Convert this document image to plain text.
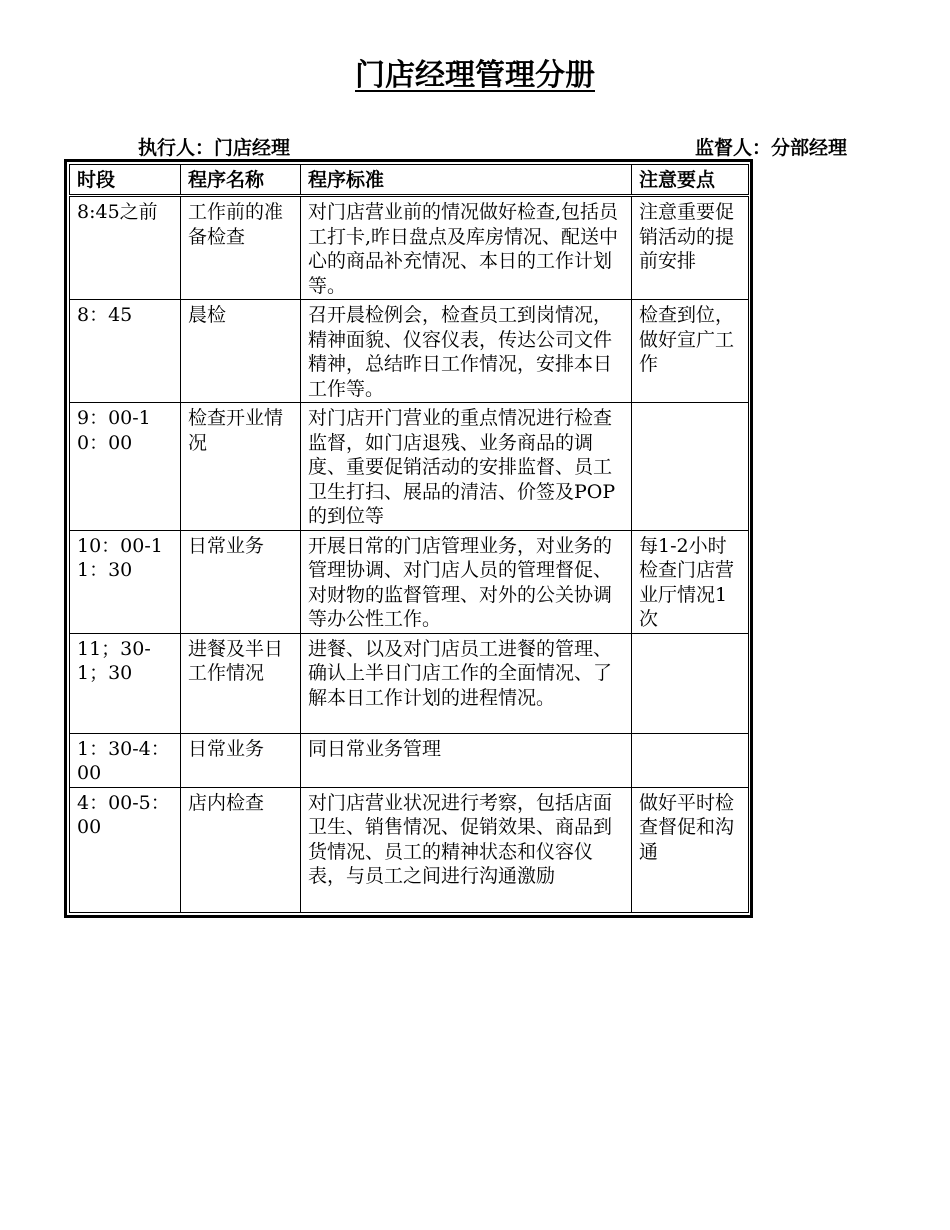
门店经理管理分册
执行人：门店经理	监督人：分部经理
时段	程序名称	程序标准	注意要点
8:45之前	工作前的准备检查	对门店营业前的情况做好检查,包括员工打卡,昨日盘点及库房情况、配送中心的商品补充情况、本日的工作计划等。	注意重要促销活动的提前安排
8：45	晨检	召开晨检例会，检查员工到岗情况，精神面貌、仪容仪表，传达公司文件精神，总结昨日工作情况，安排本日工作等。	检查到位，做好宣广工作
9：00-10：00	检查开业情况	对门店开门营业的重点情况进行检查监督，如门店退残、业务商品的调度、重要促销活动的安排监督、员工卫生打扫、展品的清洁、价签及POP的到位等	
10：00-11：30	日常业务	开展日常的门店管理业务，对业务的管理协调、对门店人员的管理督促、对财物的监督管理、对外的公关协调等办公性工作。	每1-2小时检查门店营业厅情况1次
11；30-1；30	进餐及半日工作情况	进餐、以及对门店员工进餐的管理、确认上半日门店工作的全面情况、了解本日工作计划的进程情况。	
1：30-4：00	日常业务	同日常业务管理	
4：00-5：00	店内检查	对门店营业状况进行考察，包括店面卫生、销售情况、促销效果、商品到货情况、员工的精神状态和仪容仪表，与员工之间进行沟通激励	做好平时检查督促和沟通
